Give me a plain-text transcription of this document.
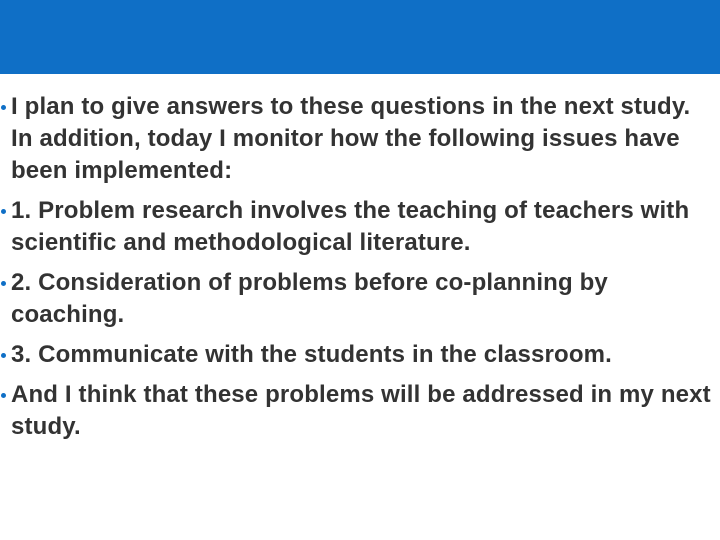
I plan to give answers to these questions in the next study. In addition, today I monitor how the following issues have been implemented:
1. Problem research involves the teaching of teachers with scientific and methodological literature.
2. Consideration of problems before co-planning by coaching.
3. Communicate with the students in the classroom.
And I think that these problems will be addressed in my next study.
